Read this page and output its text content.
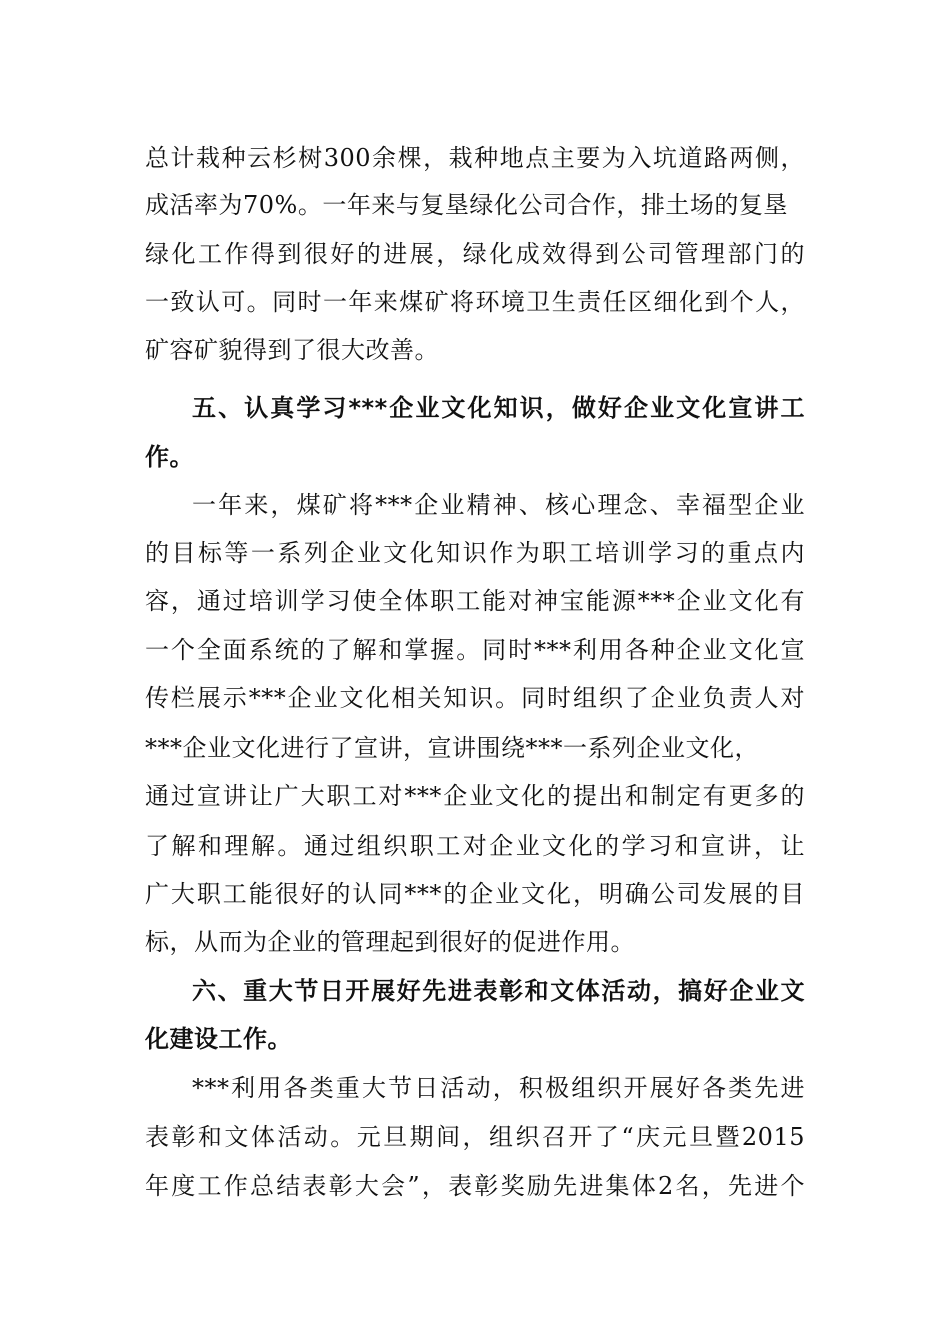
总计栽种云杉树300余棵，栽种地点主要为入坑道路两侧，
成活率为70%。一年来与复垦绿化公司合作，排土场的复垦
绿化工作得到很好的进展，绿化成效得到公司管理部门的
一致认可。同时一年来煤矿将环境卫生责任区细化到个人，
矿容矿貌得到了很大改善。
五、认真学习***企业文化知识，做好企业文化宣讲工
作。
一年来，煤矿将***企业精神、核心理念、幸福型企业
的目标等一系列企业文化知识作为职工培训学习的重点内
容，通过培训学习使全体职工能对神宝能源***企业文化有
一个全面系统的了解和掌握。同时***利用各种企业文化宣
传栏展示***企业文化相关知识。同时组织了企业负责人对
***企业文化进行了宣讲，宣讲围绕***一系列企业文化，
通过宣讲让广大职工对***企业文化的提出和制定有更多的
了解和理解。通过组织职工对企业文化的学习和宣讲，让
广大职工能很好的认同***的企业文化，明确公司发展的目
标，从而为企业的管理起到很好的促进作用。
六、重大节日开展好先进表彰和文体活动，搞好企业文
化建设工作。
***利用各类重大节日活动，积极组织开展好各类先进
表彰和文体活动。元旦期间，组织召开了“庆元旦暨2015
年度工作总结表彰大会”，表彰奖励先进集体2名，先进个
